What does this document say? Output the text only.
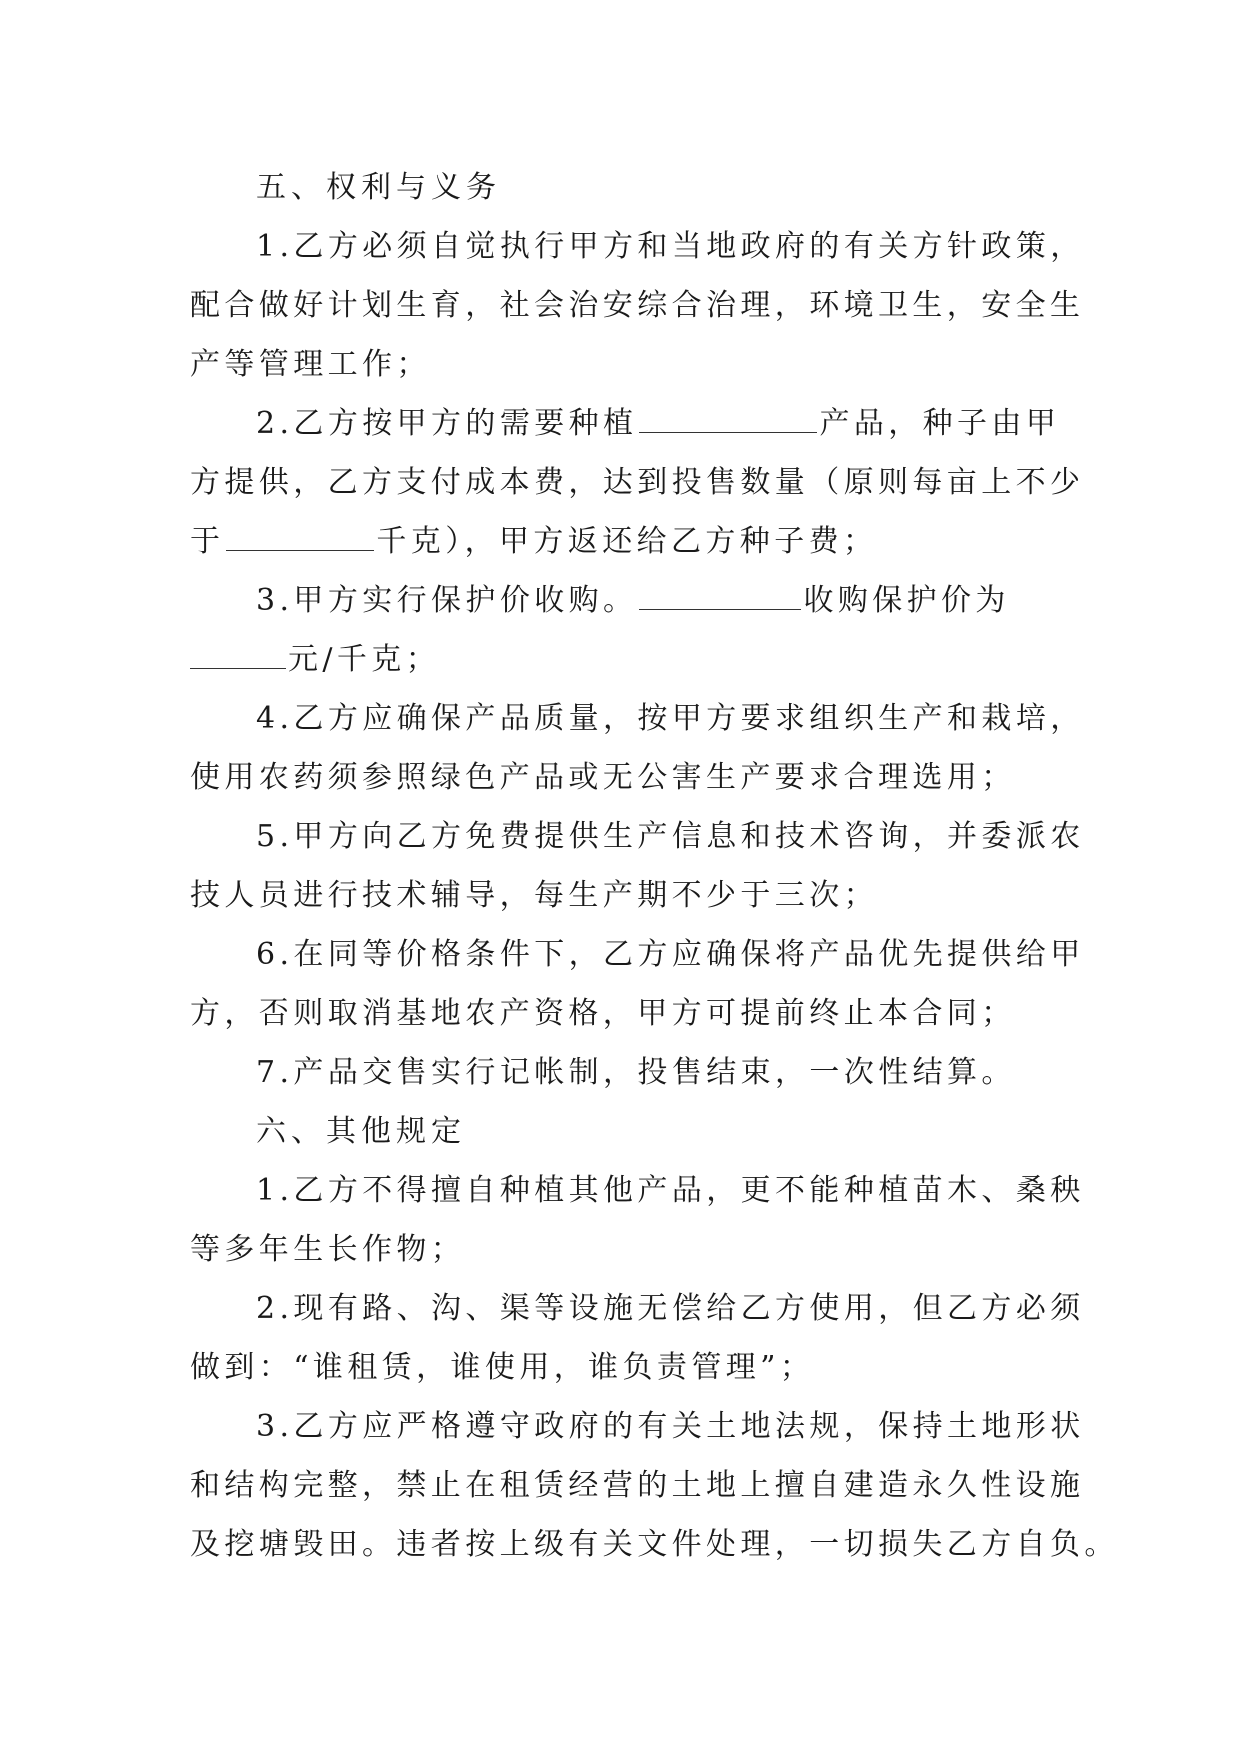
五、权利与义务
1.乙方必须自觉执行甲方和当地政府的有关方针政策，
配合做好计划生育，社会治安综合治理，环境卫生，安全生
产等管理工作；
2.乙方按甲方的需要种植	产品，种子由甲
方提供，乙方支付成本费，达到投售数量（原则每亩上不少
于	千克），甲方返还给乙方种子费；
3.甲方实行保护价收购。	收购保护价为
元/千克；
4.乙方应确保产品质量，按甲方要求组织生产和栽培，
使用农药须参照绿色产品或无公害生产要求合理选用；
5.甲方向乙方免费提供生产信息和技术咨询，并委派农
技人员进行技术辅导，每生产期不少于三次；
6.在同等价格条件下，乙方应确保将产品优先提供给甲
方，否则取消基地农产资格，甲方可提前终止本合同；
7.产品交售实行记帐制，投售结束，一次性结算。
六、其他规定
1.乙方不得擅自种植其他产品，更不能种植苗木、桑秧
等多年生长作物；
2.现有路、沟、渠等设施无偿给乙方使用，但乙方必须
做到：“谁租赁，谁使用，谁负责管理”；
3.乙方应严格遵守政府的有关土地法规，保持土地形状
和结构完整，禁止在租赁经营的土地上擅自建造永久性设施
及挖塘毁田。违者按上级有关文件处理，一切损失乙方自负。
